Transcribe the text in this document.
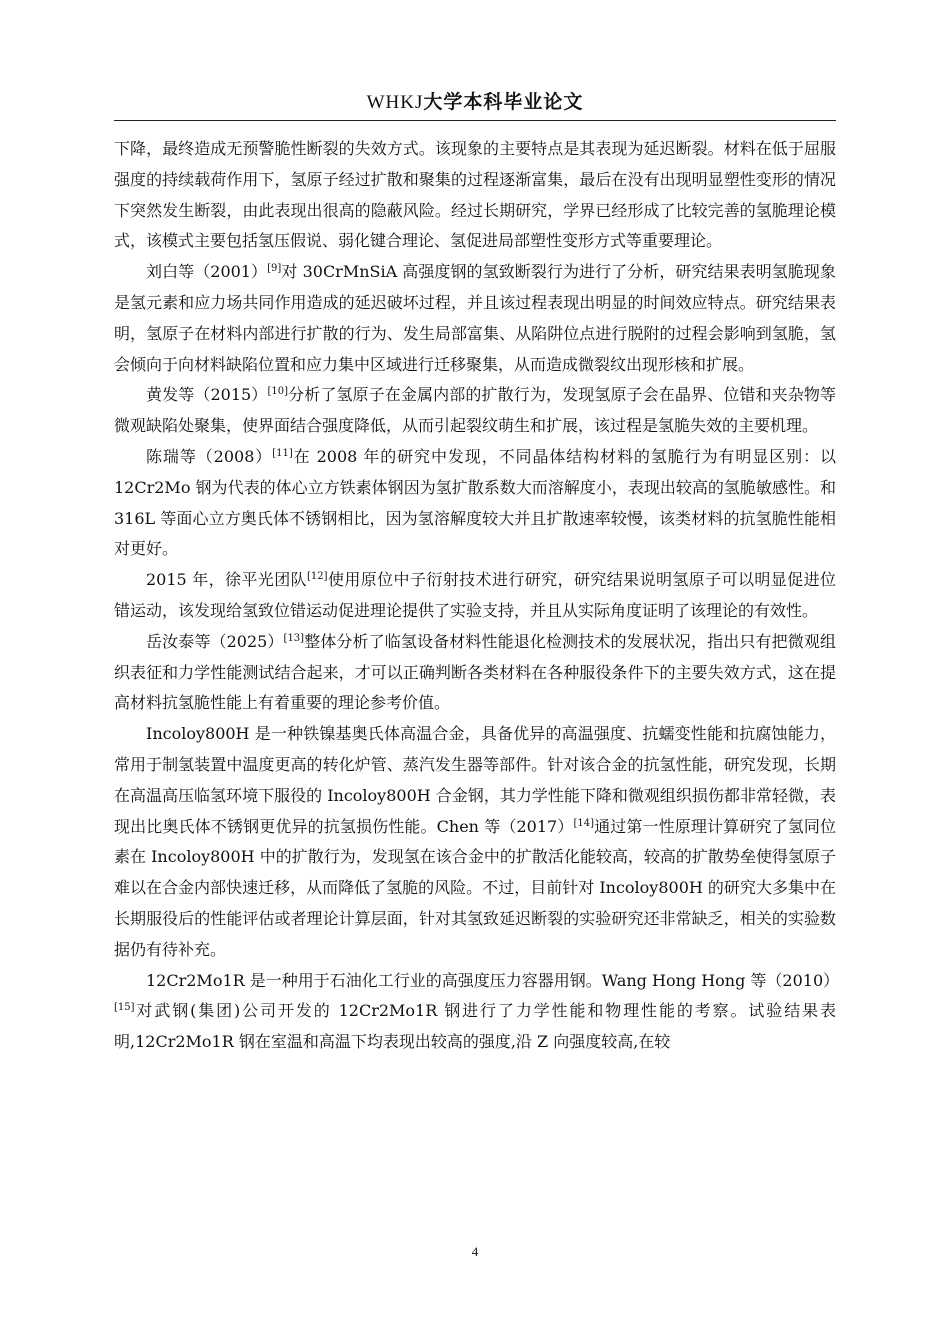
WHKJ大学本科毕业论文

下降，最终造成无预警脆性断裂的失效方式。该现象的主要特点是其表现为延迟断裂。材料在低于屈服强度的持续载荷作用下，氢原子经过扩散和聚集的过程逐渐富集，最后在没有出现明显塑性变形的情况下突然发生断裂，由此表现出很高的隐蔽风险。经过长期研究，学界已经形成了比较完善的氢脆理论模式，该模式主要包括氢压假说、弱化键合理论、氢促进局部塑性变形方式等重要理论。

刘白等（2001）[9]对 30CrMnSiA 高强度钢的氢致断裂行为进行了分析，研究结果表明氢脆现象是氢元素和应力场共同作用造成的延迟破坏过程，并且该过程表现出明显的时间效应特点。研究结果表明，氢原子在材料内部进行扩散的行为、发生局部富集、从陷阱位点进行脱附的过程会影响到氢脆，氢会倾向于向材料缺陷位置和应力集中区域进行迁移聚集，从而造成微裂纹出现形核和扩展。

黄发等（2015）[10]分析了氢原子在金属内部的扩散行为，发现氢原子会在晶界、位错和夹杂物等微观缺陷处聚集，使界面结合强度降低，从而引起裂纹萌生和扩展，该过程是氢脆失效的主要机理。

陈瑞等（2008）[11]在 2008 年的研究中发现，不同晶体结构材料的氢脆行为有明显区别：以 12Cr2Mo 钢为代表的体心立方铁素体钢因为氢扩散系数大而溶解度小，表现出较高的氢脆敏感性。和 316L 等面心立方奥氏体不锈钢相比，因为氢溶解度较大并且扩散速率较慢，该类材料的抗氢脆性能相对更好。

2015 年，徐平光团队[12]使用原位中子衍射技术进行研究，研究结果说明氢原子可以明显促进位错运动，该发现给氢致位错运动促进理论提供了实验支持，并且从实际角度证明了该理论的有效性。

岳汝泰等（2025）[13]整体分析了临氢设备材料性能退化检测技术的发展状况，指出只有把微观组织表征和力学性能测试结合起来，才可以正确判断各类材料在各种服役条件下的主要失效方式，这在提高材料抗氢脆性能上有着重要的理论参考价值。

Incoloy800H 是一种铁镍基奥氏体高温合金，具备优异的高温强度、抗蠕变性能和抗腐蚀能力，常用于制氢装置中温度更高的转化炉管、蒸汽发生器等部件。针对该合金的抗氢性能，研究发现，长期在高温高压临氢环境下服役的 Incoloy800H 合金钢，其力学性能下降和微观组织损伤都非常轻微，表现出比奥氏体不锈钢更优异的抗氢损伤性能。Chen 等（2017）[14]通过第一性原理计算研究了氢同位素在 Incoloy800H 中的扩散行为，发现氢在该合金中的扩散活化能较高，较高的扩散势垒使得氢原子难以在合金内部快速迁移，从而降低了氢脆的风险。不过，目前针对 Incoloy800H 的研究大多集中在长期服役后的性能评估或者理论计算层面，针对其氢致延迟断裂的实验研究还非常缺乏，相关的实验数据仍有待补充。

12Cr2Mo1R 是一种用于石油化工行业的高强度压力容器用钢。Wang Hong Hong 等（2010）[15]对武钢(集团)公司开发的 12Cr2Mo1R 钢进行了力学性能和物理性能的考察。试验结果表明,12Cr2Mo1R 钢在室温和高温下均表现出较高的强度,沿 Z 向强度较高,在较

4
